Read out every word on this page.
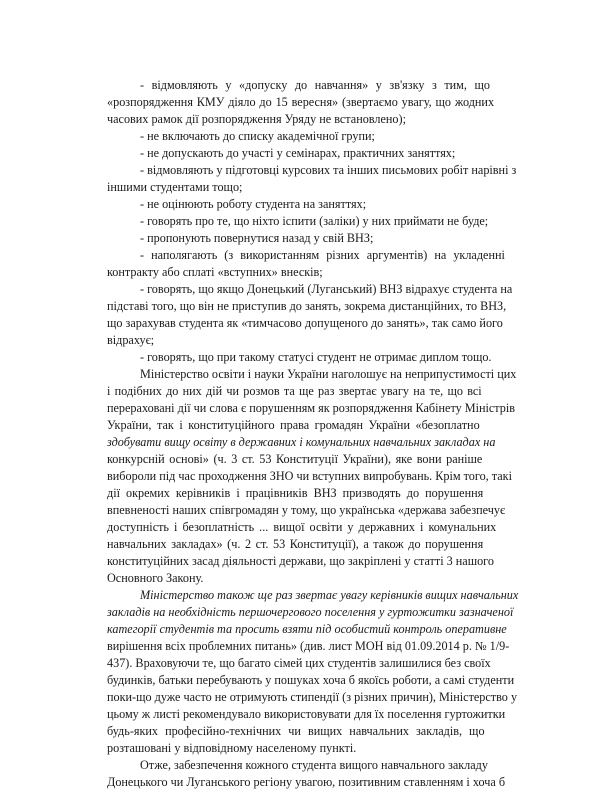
- відмовляють у «допуску до навчання» у зв'язку з тим, що

«розпорядження КМУ діяло до 15 вересня» (звертаємо увагу, що жодних

часових рамок дії розпорядження Уряду не встановлено);

- не включають до списку академічної групи;

- не допускають до участі у семінарах, практичних заняттях;

- відмовляють у підготовці курсових та інших письмових робіт нарівні з

іншими студентами тощо;

- не оцінюють роботу студента на заняттях;

- говорять про те, що ніхто іспити (заліки) у них приймати не буде;

- пропонують повернутися назад у свій ВНЗ;

- наполягають (з використанням різних аргументів) на укладенні

контракту або сплаті «вступних» внесків;

- говорять, що якщо Донецький (Луганський) ВНЗ відрахує студента на

підставі того, що він не приступив до занять, зокрема дистанційних, то ВНЗ,

що зарахував студента як «тимчасово допущеного до занять», так само його

відрахує;

- говорять, що при такому статусі студент не отримає диплом тощо.

Міністерство освіти і науки України наголошує на неприпустимості цих

і подібних до них дій чи розмов та ще раз звертає увагу на те, що всі

перераховані дії чи слова є порушенням як розпорядження Кабінету Міністрів

України, так і конституційного права громадян України «безоплатно

здобувати вищу освіту в державних і комунальних навчальних закладах на

конкурсній основі» (ч. 3 ст. 53 Конституції України), яке вони раніше

вибороли під час проходження ЗНО чи вступних випробувань. Крім того, такі

дії окремих керівників і працівників ВНЗ призводять до порушення

впевненості наших співгромадян у тому, що українська «держава забезпечує

доступність і безоплатність ... вищої освіти у державних і комунальних

навчальних закладах» (ч. 2 ст. 53 Конституції), а також до порушення

конституційних засад діяльності держави, що закріплені у статті 3 нашого

Основного Закону.

Міністерство також ще раз звертає увагу керівників вищих навчальних

закладів на необхідність першочергового поселення у гуртожитки зазначеної

категорії студентів та просить взяти під особистий контроль оперативне

вирішення всіх проблемних питань» (див. лист МОН від 01.09.2014 р. № 1/9-

437). Враховуючи те, що багато сімей цих студентів залишилися без своїх

будинків, батьки перебувають у пошуках хоча б якоїсь роботи, а самі студенти

поки-що дуже часто не отримують стипендії (з різних причин), Міністерство у

цьому ж листі рекомендувало використовувати для їх поселення гуртожитки

будь-яких професійно-технічних чи вищих навчальних закладів, що

розташовані у відповідному населеному пункті.

Отже, забезпечення кожного студента вищого навчального закладу

Донецького чи Луганського регіону увагою, позитивним ставленням і хоча б
